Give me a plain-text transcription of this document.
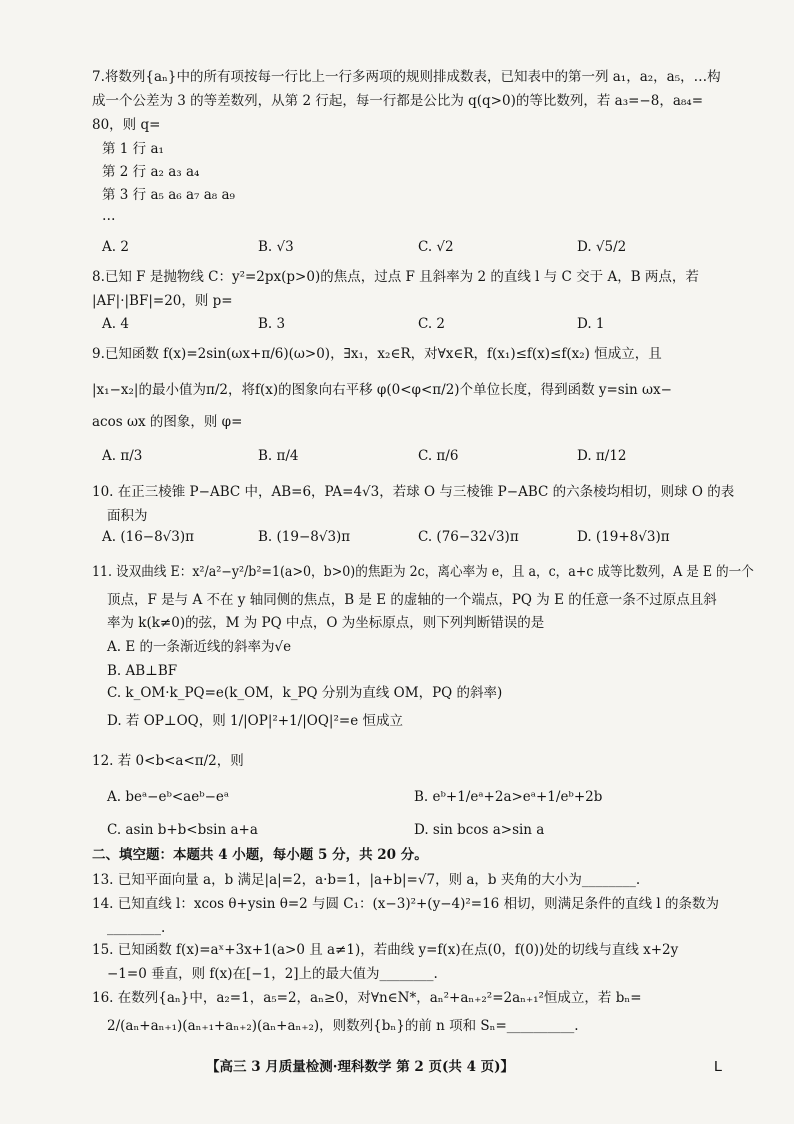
7.将数列{aₙ}中的所有项按每一行比上一行多两项的规则排成数表，已知表中的第一列 a₁，a₂，a₅，…构
成一个公差为 3 的等差数列，从第 2 行起，每一行都是公比为 q(q>0)的等比数列，若 a₃=−8，a₈₄=
80，则 q=
第 1 行 a₁
第 2 行 a₂ a₃ a₄
第 3 行 a₅ a₆ a₇ a₈ a₉
…
A. 2	B. √3	C. √2	D. √5/2
8.已知 F 是抛物线 C：y²=2px(p>0)的焦点，过点 F 且斜率为 2 的直线 l 与 C 交于 A，B 两点，若
|AF|·|BF|=20，则 p=
A. 4	B. 3	C. 2	D. 1
9.已知函数 f(x)=2sin(ωx+π/6)(ω>0)，∃x₁，x₂∈R，对∀x∈R，f(x₁)≤f(x)≤f(x₂) 恒成立，且
|x₁−x₂|的最小值为π/2，将f(x)的图象向右平移 φ(0<φ<π/2)个单位长度，得到函数 y=sin ωx−
acos ωx 的图象，则 φ=
A. π/3	B. π/4	C. π/6	D. π/12
10. 在正三棱锥 P−ABC 中，AB=6，PA=4√3，若球 O 与三棱锥 P−ABC 的六条棱均相切，则球 O 的表
面积为
A. (16−8√3)π	B. (19−8√3)π	C. (76−32√3)π	D. (19+8√3)π
11. 设双曲线 E：x²/a²−y²/b²=1(a>0，b>0)的焦距为 2c，离心率为 e，且 a，c，a+c 成等比数列，A 是 E 的一个
顶点，F 是与 A 不在 y 轴同侧的焦点，B 是 E 的虚轴的一个端点，PQ 为 E 的任意一条不过原点且斜
率为 k(k≠0)的弦，M 为 PQ 中点，O 为坐标原点，则下列判断错误的是
A. E 的一条渐近线的斜率为√e
B. AB⊥BF
C. k_OM·k_PQ=e(k_OM，k_PQ 分别为直线 OM，PQ 的斜率)
D. 若 OP⊥OQ，则 1/|OP|²+1/|OQ|²=e 恒成立
12. 若 0<b<a<π/2，则
A. beᵃ−eᵇ<aeᵇ−eᵃ	B. eᵇ+1/eᵃ+2a>eᵃ+1/eᵇ+2b
C. asin b+b<bsin a+a	D. sin bcos a>sin a
二、填空题：本题共 4 小题，每小题 5 分，共 20 分。
13. 已知平面向量 a，b 满足|a|=2，a·b=1，|a+b|=√7，则 a，b 夹角的大小为________.
14. 已知直线 l：xcos θ+ysin θ=2 与圆 C₁：(x−3)²+(y−4)²=16 相切，则满足条件的直线 l 的条数为
________.
15. 已知函数 f(x)=aˣ+3x+1(a>0 且 a≠1)，若曲线 y=f(x)在点(0，f(0))处的切线与直线 x+2y
−1=0 垂直，则 f(x)在[−1，2]上的最大值为________.
16. 在数列{aₙ}中，a₂=1，a₅=2，aₙ≥0，对∀n∈N*，aₙ²+aₙ₊₂²=2aₙ₊₁²恒成立，若 bₙ=
2/(aₙ+aₙ₊₁)(aₙ₊₁+aₙ₊₂)(aₙ+aₙ₊₂)，则数列{bₙ}的前 n 项和 Sₙ=__________.
【高三 3 月质量检测·理科数学 第 2 页(共 4 页)】	L
